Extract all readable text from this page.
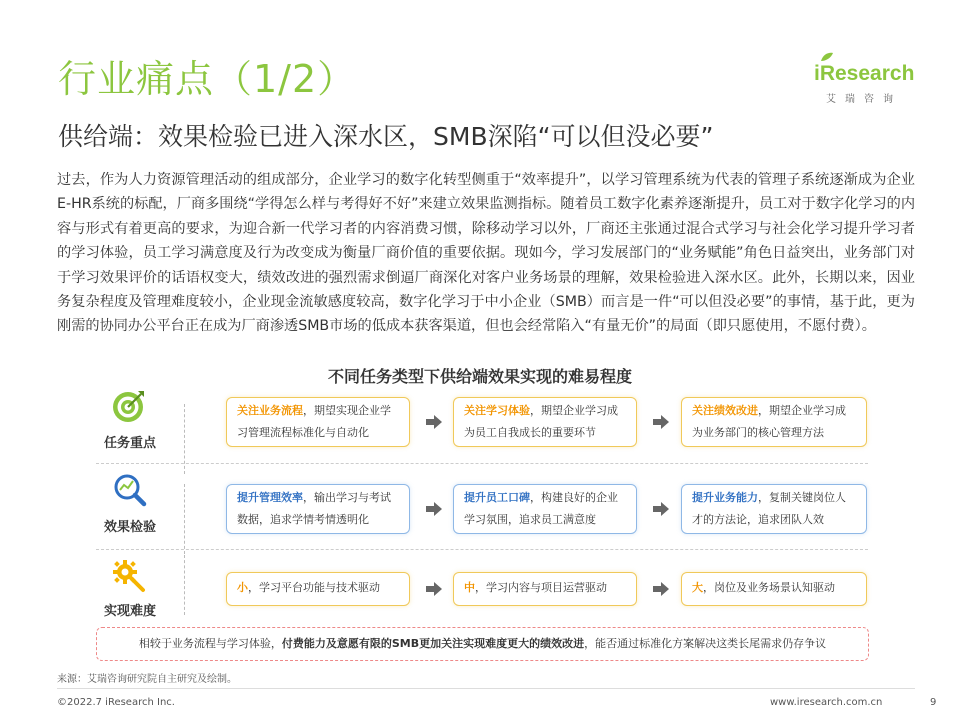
行业痛点（1/2）
供给端：效果检验已进入深水区，SMB深陷“可以但没必要”
iResearch
艾瑞咨询
过去，作为人力资源管理活动的组成部分，企业学习的数字化转型侧重于“效率提升”，以学习管理系统为代表的管理子系统逐渐成为企业E-HR系统的标配，厂商多围绕“学得怎么样与考得好不好”来建立效果监测指标。随着员工数字化素养逐渐提升，员工对于数字化学习的内容与形式有着更高的要求，为迎合新一代学习者的内容消费习惯，除移动学习以外，厂商还主张通过混合式学习与社会化学习提升学习者的学习体验，员工学习满意度及行为改变成为衡量厂商价值的重要依据。现如今，学习发展部门的“业务赋能”角色日益突出，业务部门对于学习效果评价的话语权变大，绩效改进的强烈需求倒逼厂商深化对客户业务场景的理解，效果检验进入深水区。此外，长期以来，因业务复杂程度及管理难度较小，企业现金流敏感度较高，数字化学习于中小企业（SMB）而言是一件“可以但没必要”的事情，基于此，更为刚需的协同办公平台正在成为厂商渗透SMB市场的低成本获客渠道，但也会经常陷入“有量无价”的局面（即只愿使用，不愿付费）。
不同任务类型下供给端效果实现的难易程度
任务重点
关注业务流程，期望实现企业学习管理流程标准化与自动化
关注学习体验，期望企业学习成为员工自我成长的重要环节
关注绩效改进，期望企业学习成为业务部门的核心管理方法
效果检验
提升管理效率，输出学习与考试数据，追求学情考情透明化
提升员工口碑，构建良好的企业学习氛围，追求员工满意度
提升业务能力，复制关键岗位人才的方法论，追求团队人效
实现难度
小，学习平台功能与技术驱动	中，学习内容与项目运营驱动	大，岗位及业务场景认知驱动
相较于业务流程与学习体验，付费能力及意愿有限的SMB更加关注实现难度更大的绩效改进，能否通过标准化方案解决这类长尾需求仍存争议
来源：艾瑞咨询研究院自主研究及绘制。
©2022.7 iResearch Inc.	www.iresearch.com.cn	9
